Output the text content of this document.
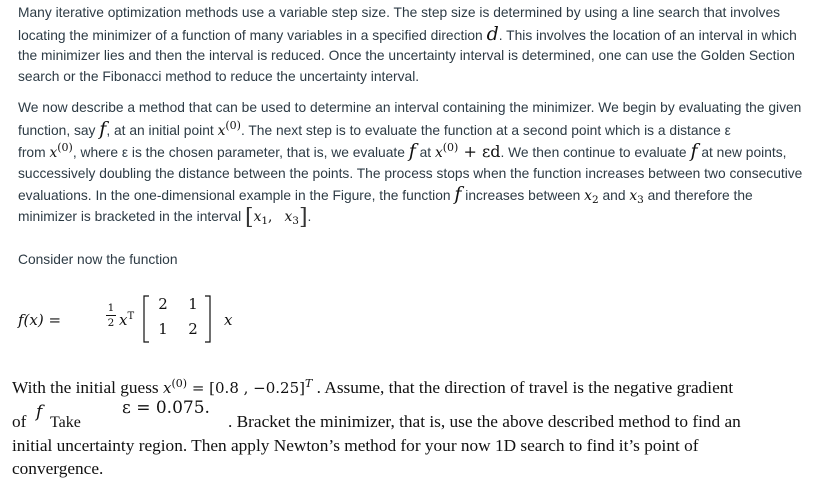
Many iterative optimization methods use a variable step size. The step size is determined by using a line search that involves locating the minimizer of a function of many variables in a specified direction d. This involves the location of an interval in which the minimizer lies and then the interval is reduced. Once the uncertainty interval is determined, one can use the Golden Section search or the Fibonacci method to reduce the uncertainty interval.

We now describe a method that can be used to determine an interval containing the minimizer. We begin by evaluating the given function, say f, at an initial point $x^{(0)}$. The next step is to evaluate the function at a second point which is a distance ε
from $x^{(0)}$, where ε is the chosen parameter, that is, we evaluate f at $x^{(0)} + \varepsilon d$. We then continue to evaluate f at new points, successively doubling the distance between the points. The process stops when the function increases between two consecutive evaluations. In the one-dimensional example in the Figure, the function f increases between $x_2$ and $x_3$ and therefore the minimizer is bracketed in the interval [$x_1$,   $x_3$].

Consider now the function

f(x) =
1
2 $x^T$
2 1
1 2 x

With the initial guess $x^{(0)} = [0.8$ , −0.25]$^T$ . Assume, that the direction of travel is the negative gradient

of f
Take
ε = 0.075.
. Bracket the minimizer, that is, use the above described method to find an

initial uncertainty region. Then apply Newton’s method for your now 1D search to find it’s point of

convergence.
